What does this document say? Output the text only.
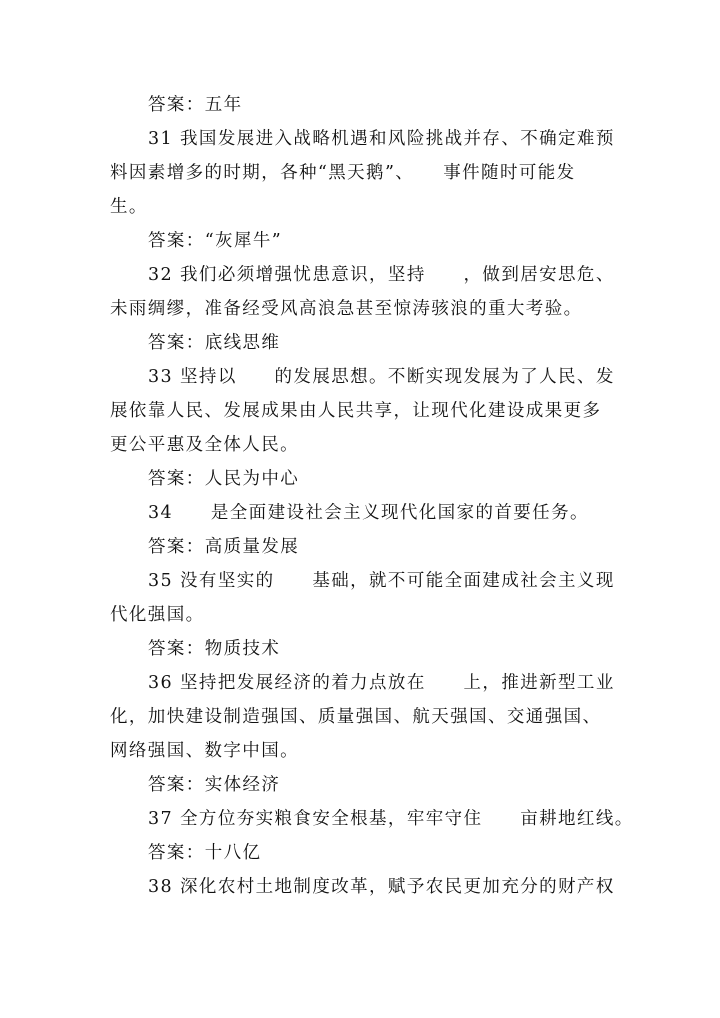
答案：五年
31 我国发展进入战略机遇和风险挑战并存、不确定难预
料因素增多的时期，各种“黑天鹅”、　　事件随时可能发
生。
答案：“灰犀牛”
32 我们必须增强忧患意识，坚持　　，做到居安思危、
未雨绸缪，准备经受风高浪急甚至惊涛骇浪的重大考验。
答案：底线思维
33 坚持以　　的发展思想。不断实现发展为了人民、发
展依靠人民、发展成果由人民共享，让现代化建设成果更多
更公平惠及全体人民。
答案：人民为中心
34　　是全面建设社会主义现代化国家的首要任务。
答案：高质量发展
35 没有坚实的　　基础，就不可能全面建成社会主义现
代化强国。
答案：物质技术
36 坚持把发展经济的着力点放在　　上，推进新型工业
化，加快建设制造强国、质量强国、航天强国、交通强国、
网络强国、数字中国。
答案：实体经济
37 全方位夯实粮食安全根基，牢牢守住　　亩耕地红线。
答案：十八亿
38 深化农村土地制度改革，赋予农民更加充分的财产权
